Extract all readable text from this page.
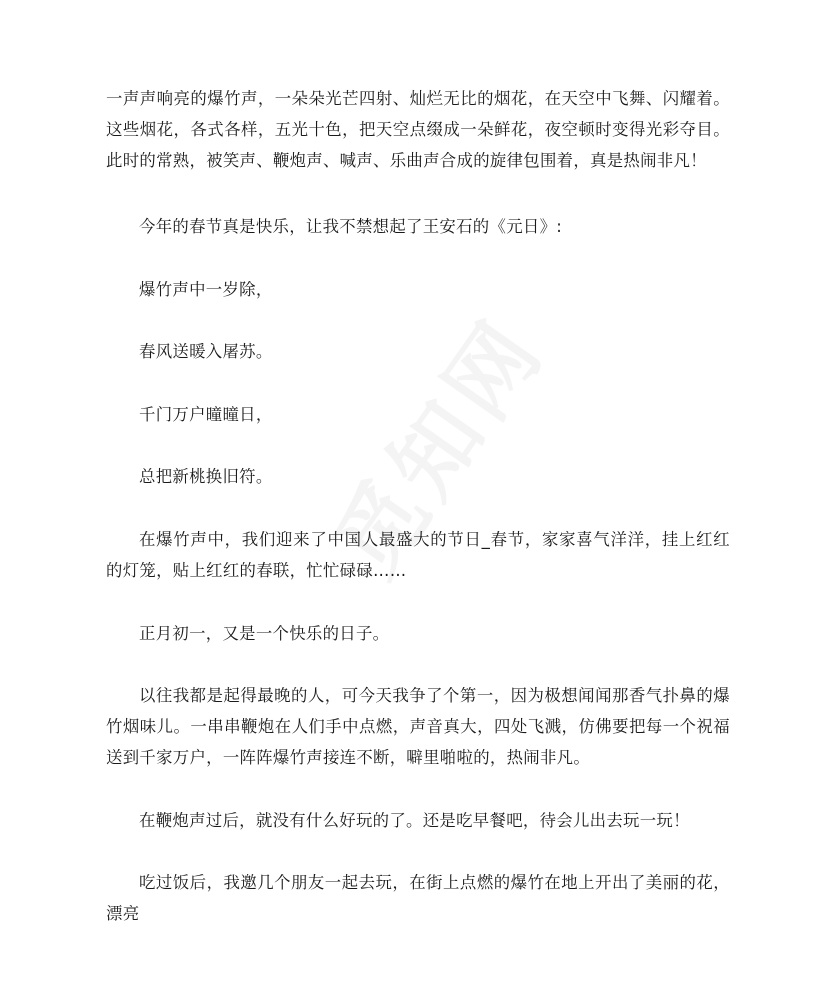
一声声响亮的爆竹声，一朵朵光芒四射、灿烂无比的烟花，在天空中飞舞、闪耀着。这些烟花，各式各样，五光十色，把天空点缀成一朵鲜花，夜空顿时变得光彩夺目。此时的常熟，被笑声、鞭炮声、喊声、乐曲声合成的旋律包围着，真是热闹非凡！

今年的春节真是快乐，让我不禁想起了王安石的《元日》:

爆竹声中一岁除，

春风送暖入屠苏。

千门万户曈曈日，

总把新桃换旧符。

在爆竹声中，我们迎来了中国人最盛大的节日_春节，家家喜气洋洋，挂上红红的灯笼，贴上红红的春联，忙忙碌碌……

正月初一，又是一个快乐的日子。

以往我都是起得最晚的人，可今天我争了个第一，因为极想闻闻那香气扑鼻的爆竹烟味儿。一串串鞭炮在人们手中点燃，声音真大，四处飞溅，仿佛要把每一个祝福送到千家万户，一阵阵爆竹声接连不断，噼里啪啦的，热闹非凡。

在鞭炮声过后，就没有什么好玩的了。还是吃早餐吧，待会儿出去玩一玩！

吃过饭后，我邀几个朋友一起去玩，在街上点燃的爆竹在地上开出了美丽的花，漂亮
